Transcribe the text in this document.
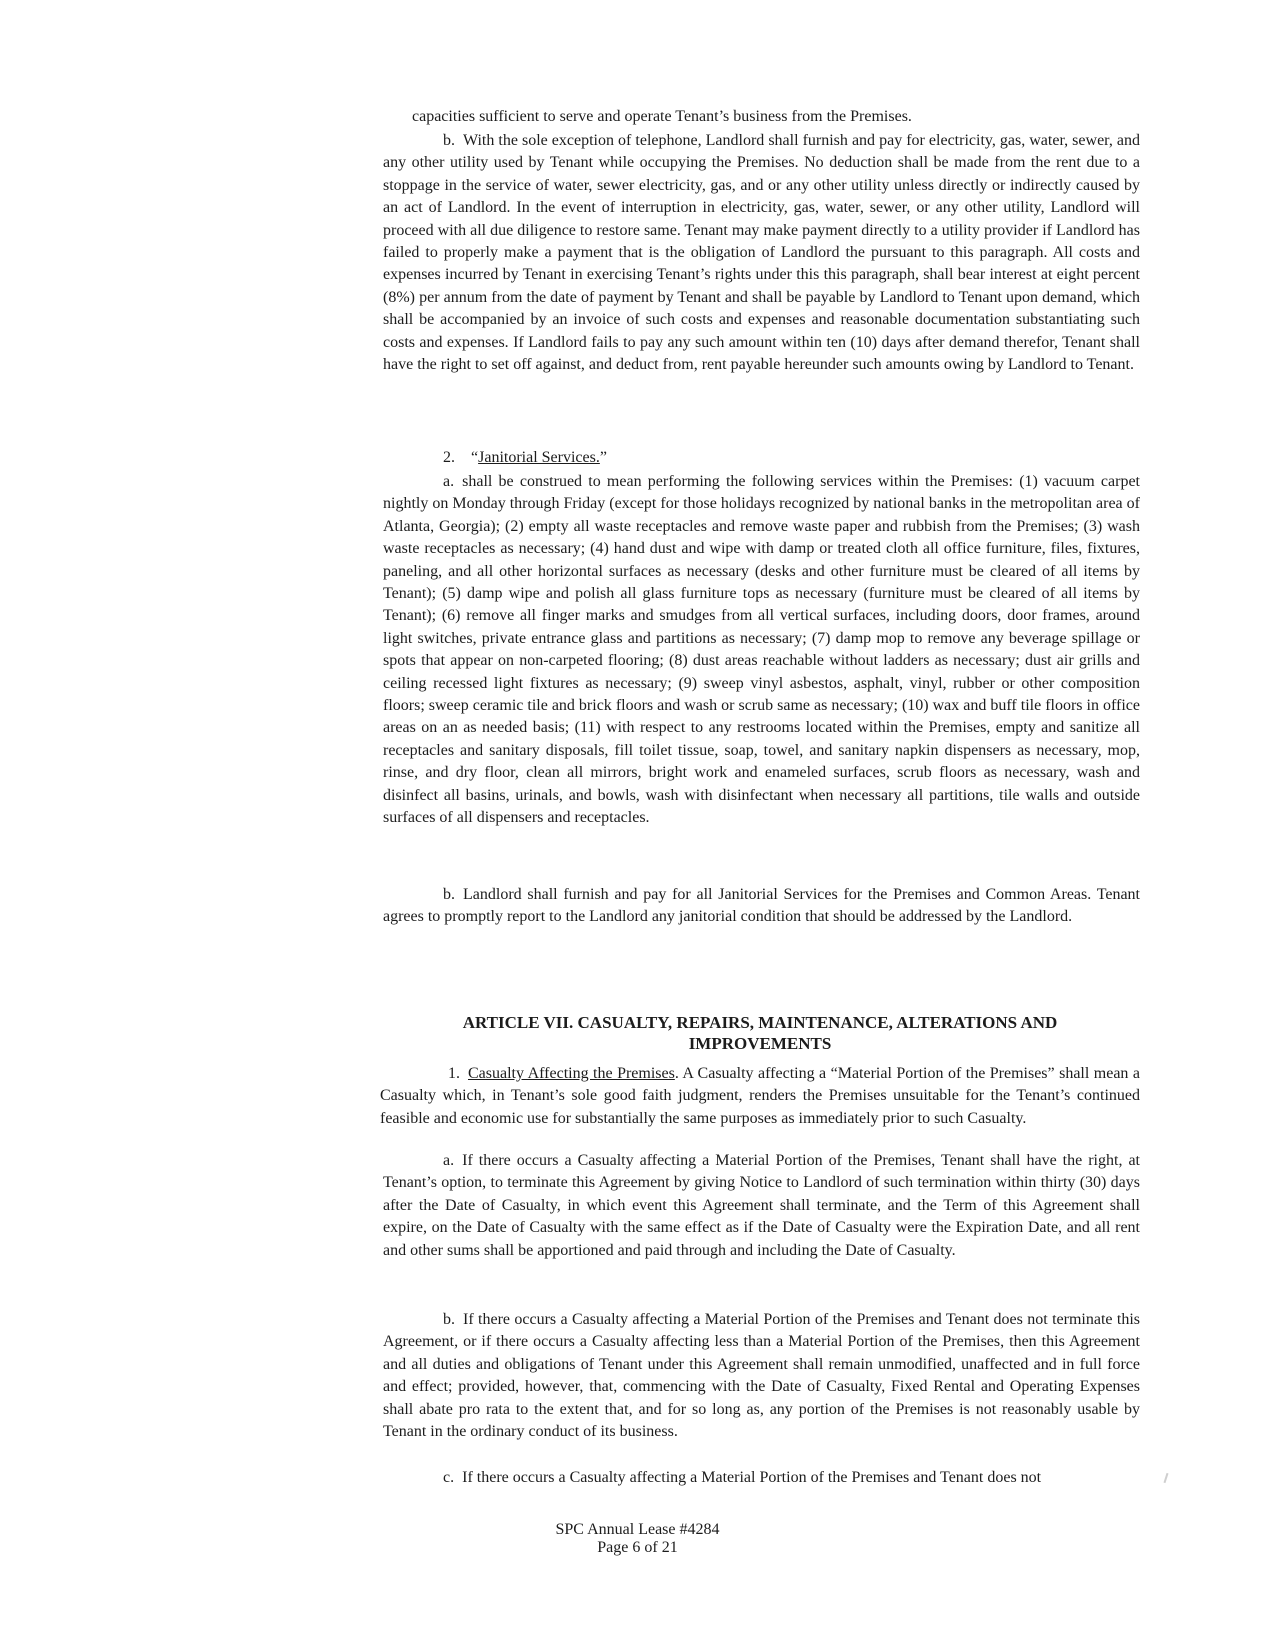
capacities sufficient to serve and operate Tenant’s business from the Premises.

b. With the sole exception of telephone, Landlord shall furnish and pay for electricity, gas, water, sewer, and any other utility used by Tenant while occupying the Premises. No deduction shall be made from the rent due to a stoppage in the service of water, sewer electricity, gas, and or any other utility unless directly or indirectly caused by an act of Landlord. In the event of interruption in electricity, gas, water, sewer, or any other utility, Landlord will proceed with all due diligence to restore same. Tenant may make payment directly to a utility provider if Landlord has failed to properly make a payment that is the obligation of Landlord the pursuant to this paragraph. All costs and expenses incurred by Tenant in exercising Tenant’s rights under this this paragraph, shall bear interest at eight percent (8%) per annum from the date of payment by Tenant and shall be payable by Landlord to Tenant upon demand, which shall be accompanied by an invoice of such costs and expenses and reasonable documentation substantiating such costs and expenses. If Landlord fails to pay any such amount within ten (10) days after demand therefor, Tenant shall have the right to set off against, and deduct from, rent payable hereunder such amounts owing by Landlord to Tenant.

2. “Janitorial Services.”

a. shall be construed to mean performing the following services within the Premises: (1) vacuum carpet nightly on Monday through Friday (except for those holidays recognized by national banks in the metropolitan area of Atlanta, Georgia); (2) empty all waste receptacles and remove waste paper and rubbish from the Premises; (3) wash waste receptacles as necessary; (4) hand dust and wipe with damp or treated cloth all office furniture, files, fixtures, paneling, and all other horizontal surfaces as necessary (desks and other furniture must be cleared of all items by Tenant); (5) damp wipe and polish all glass furniture tops as necessary (furniture must be cleared of all items by Tenant); (6) remove all finger marks and smudges from all vertical surfaces, including doors, door frames, around light switches, private entrance glass and partitions as necessary; (7) damp mop to remove any beverage spillage or spots that appear on non-carpeted flooring; (8) dust areas reachable without ladders as necessary; dust air grills and ceiling recessed light fixtures as necessary; (9) sweep vinyl asbestos, asphalt, vinyl, rubber or other composition floors; sweep ceramic tile and brick floors and wash or scrub same as necessary; (10) wax and buff tile floors in office areas on an as needed basis; (11) with respect to any restrooms located within the Premises, empty and sanitize all receptacles and sanitary disposals, fill toilet tissue, soap, towel, and sanitary napkin dispensers as necessary, mop, rinse, and dry floor, clean all mirrors, bright work and enameled surfaces, scrub floors as necessary, wash and disinfect all basins, urinals, and bowls, wash with disinfectant when necessary all partitions, tile walls and outside surfaces of all dispensers and receptacles.

b. Landlord shall furnish and pay for all Janitorial Services for the Premises and Common Areas. Tenant agrees to promptly report to the Landlord any janitorial condition that should be addressed by the Landlord.

ARTICLE VII. CASUALTY, REPAIRS, MAINTENANCE, ALTERATIONS AND
IMPROVEMENTS

1. Casualty Affecting the Premises. A Casualty affecting a “Material Portion of the Premises” shall mean a Casualty which, in Tenant’s sole good faith judgment, renders the Premises unsuitable for the Tenant’s continued feasible and economic use for substantially the same purposes as immediately prior to such Casualty.

a. If there occurs a Casualty affecting a Material Portion of the Premises, Tenant shall have the right, at Tenant’s option, to terminate this Agreement by giving Notice to Landlord of such termination within thirty (30) days after the Date of Casualty, in which event this Agreement shall terminate, and the Term of this Agreement shall expire, on the Date of Casualty with the same effect as if the Date of Casualty were the Expiration Date, and all rent and other sums shall be apportioned and paid through and including the Date of Casualty.

b. If there occurs a Casualty affecting a Material Portion of the Premises and Tenant does not terminate this Agreement, or if there occurs a Casualty affecting less than a Material Portion of the Premises, then this Agreement and all duties and obligations of Tenant under this Agreement shall remain unmodified, unaffected and in full force and effect; provided, however, that, commencing with the Date of Casualty, Fixed Rental and Operating Expenses shall abate pro rata to the extent that, and for so long as, any portion of the Premises is not reasonably usable by Tenant in the ordinary conduct of its business.

c. If there occurs a Casualty affecting a Material Portion of the Premises and Tenant does not

SPC Annual Lease #4284
Page 6 of 21
